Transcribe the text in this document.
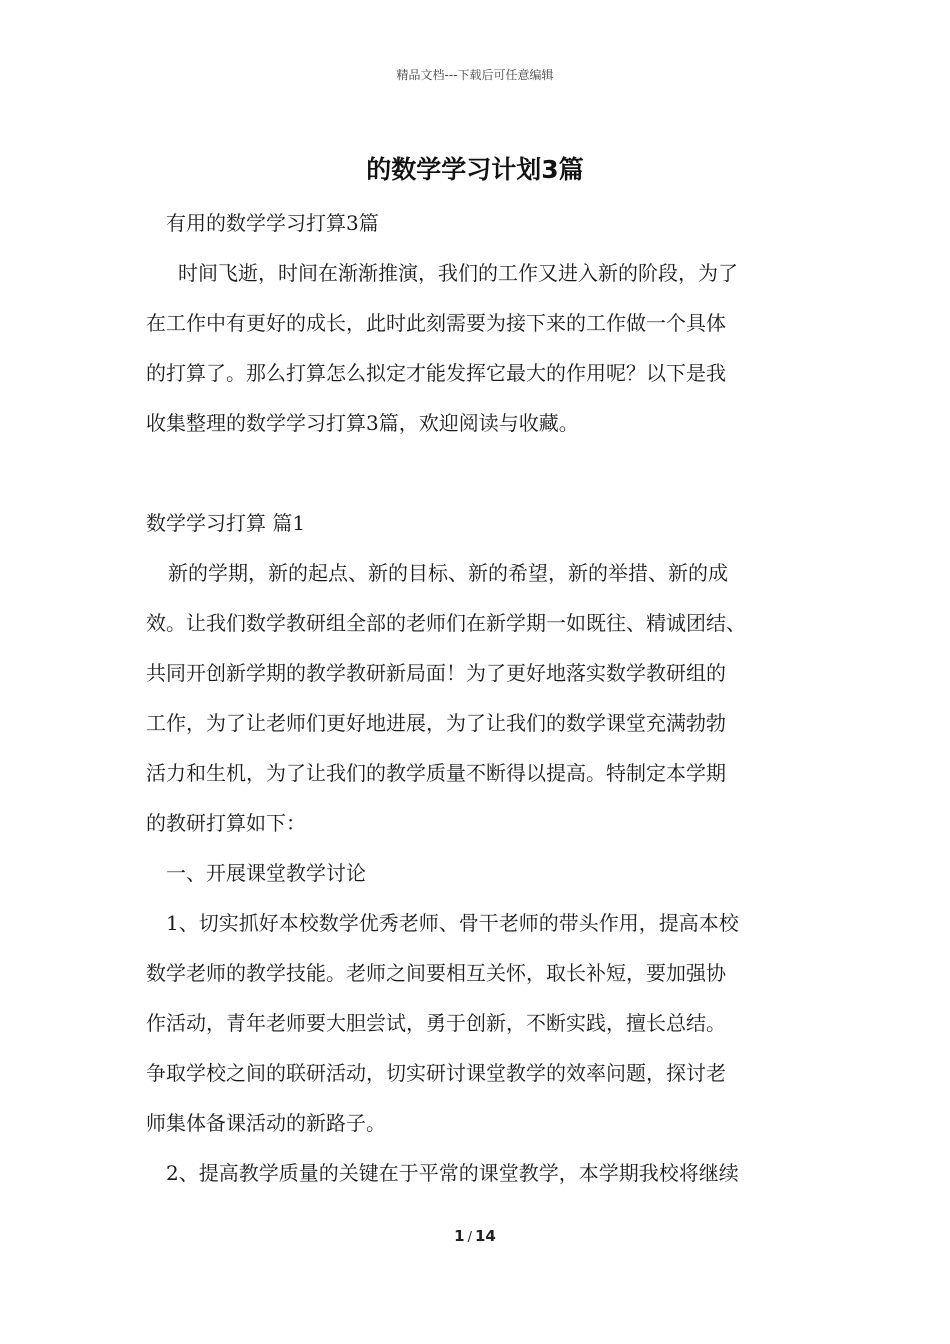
精品文档---下载后可任意编辑
的数学学习计划3篇
有用的数学学习打算3篇
时间飞逝，时间在渐渐推演，我们的工作又进入新的阶段，为了
在工作中有更好的成长，此时此刻需要为接下来的工作做一个具体
的打算了。那么打算怎么拟定才能发挥它最大的作用呢？以下是我
收集整理的数学学习打算3篇，欢迎阅读与收藏。
数学学习打算 篇1
新的学期，新的起点、新的目标、新的希望，新的举措、新的成
效。让我们数学教研组全部的老师们在新学期一如既往、精诚团结、
共同开创新学期的教学教研新局面！为了更好地落实数学教研组的
工作，为了让老师们更好地进展，为了让我们的数学课堂充满勃勃
活力和生机，为了让我们的教学质量不断得以提高。特制定本学期
的教研打算如下：
一、开展课堂教学讨论
1、切实抓好本校数学优秀老师、骨干老师的带头作用，提高本校
数学老师的教学技能。老师之间要相互关怀，取长补短，要加强协
作活动，青年老师要大胆尝试，勇于创新，不断实践，擅长总结。
争取学校之间的联研活动，切实研讨课堂教学的效率问题，探讨老
师集体备课活动的新路子。
2、提高教学质量的关键在于平常的课堂教学，本学期我校将继续
1 / 14
